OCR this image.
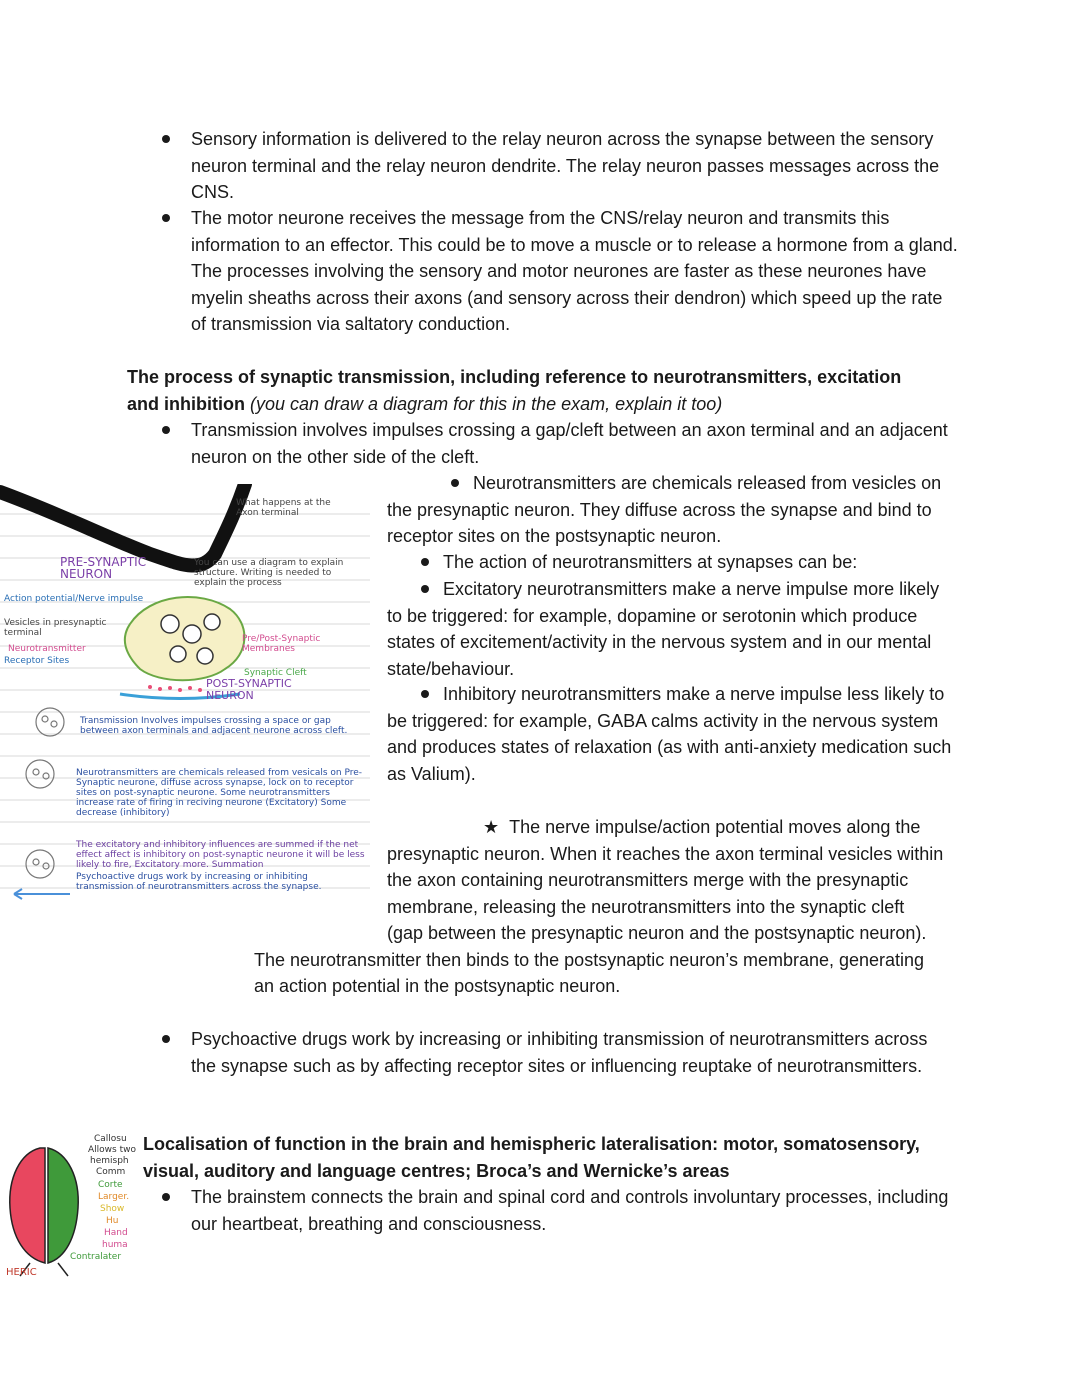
Sensory information is delivered to the relay neuron across the synapse between the sensory neuron terminal and the relay neuron dendrite. The relay neuron passes messages across the CNS.

The motor neurone receives the message from the CNS/relay neuron and transmits this information to an effector. This could be to move a muscle or to release a hormone from a gland. The processes involving the sensory and motor neurones are faster as these neurones have myelin sheaths across their axons (and sensory across their dendron) which speed up the rate of transmission via saltatory conduction.

The process of synaptic transmission, including reference to neurotransmitters, excitation and inhibition (you can draw a diagram for this in the exam, explain it too)

Transmission involves impulses crossing a gap/cleft between an axon terminal and an adjacent neuron on the other side of the cleft.

Neurotransmitters are chemicals released from vesicles on the presynaptic neuron. They diffuse across the synapse and bind to receptor sites on the postsynaptic neuron.

The action of neurotransmitters at synapses can be:

Excitatory neurotransmitters make a nerve impulse more likely to be triggered: for example, dopamine or serotonin which produce states of excitement/activity in the nervous system and in our mental state/behaviour.

Inhibitory neurotransmitters make a nerve impulse less likely to be triggered: for example, GABA calms activity in the nervous system and produces states of relaxation (as with anti-anxiety medication such as Valium).

★ The nerve impulse/action potential moves along the presynaptic neuron. When it reaches the axon terminal vesicles within the axon containing neurotransmitters merge with the presynaptic membrane, releasing the neurotransmitters into the synaptic cleft (gap between the presynaptic neuron and the postsynaptic neuron). The neurotransmitter then binds to the postsynaptic neuron’s membrane, generating an action potential in the postsynaptic neuron.

Psychoactive drugs work by increasing or inhibiting transmission of neurotransmitters across the synapse such as by affecting receptor sites or influencing reuptake of neurotransmitters.

Localisation of function in the brain and hemispheric lateralisation: motor, somatosensory, visual, auditory and language centres; Broca’s and Wernicke’s areas

The brainstem connects the brain and spinal cord and controls involuntary processes, including our heartbeat, breathing and consciousness.

What happens at the Axon terminal
You can use a diagram to explain structure. Writing is needed to explain the process
PRE-SYNAPTIC NEURON
Action potential/Nerve impulse
Vesicles in presynaptic terminal
Neurotransmitter
Receptor Sites
Pre/Post-Synaptic Membranes
Synaptic Cleft
POST-SYNAPTIC NEURON
Transmission Involves impulses crossing a space or gap between axon terminals and adjacent neurone across cleft.
Neurotransmitters are chemicals released from vesicals on Pre-Synaptic neurone, diffuse across synapse, lock on to receptor sites on post-synaptic neurone. Some neurotransmitters increase rate of firing in reciving neurone (Excitatory) Some decrease (inhibitory)
The excitatory and inhibitory influences are summed if the net effect affect is inhibitory on post-synaptic neurone it will be less likely to fire, Excitatory more. Summation
Psychoactive drugs work by increasing or inhibiting transmission of neurotransmitters across the synapse.
Callosu
Allows two
hemisph
Comm
Corte
Larger.
Show
Hu
Hand
huma
Contralater
HERIC
